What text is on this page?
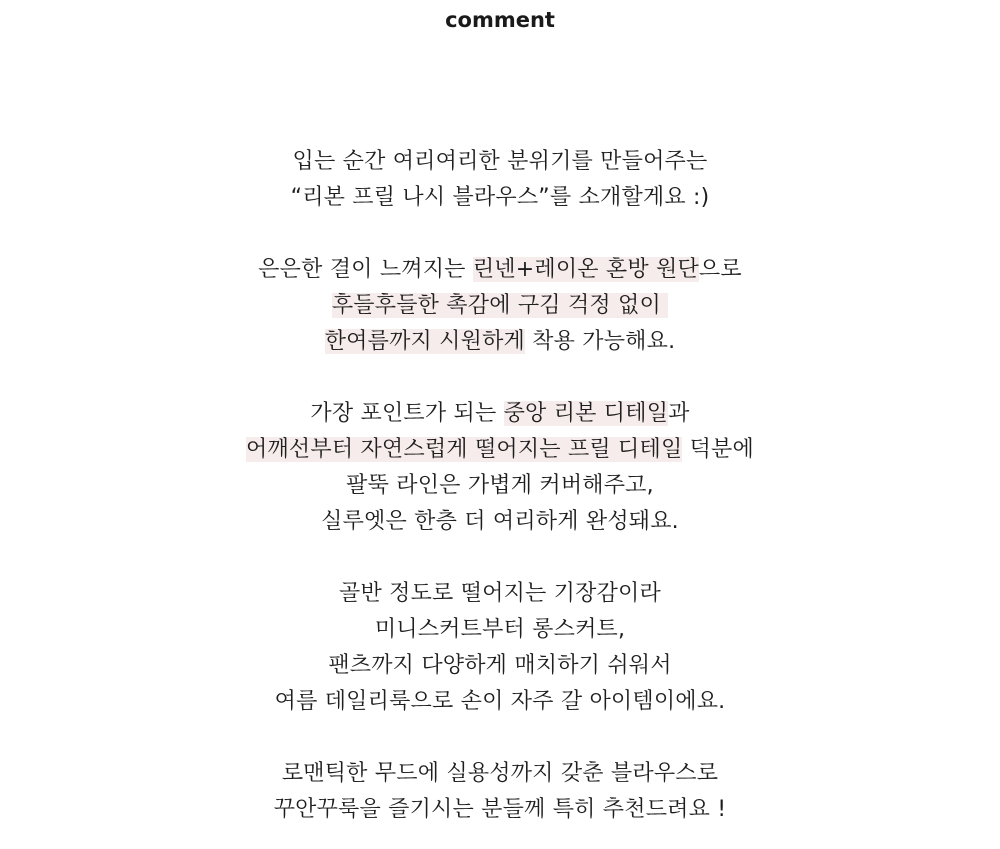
comment
입는 순간 여리여리한 분위기를 만들어주는
“리본 프릴 나시 블라우스”를 소개할게요 :)
은은한 결이 느껴지는 린넨+레이온 혼방 원단으로
후들후들한 촉감에 구김 걱정 없이
한여름까지 시원하게 착용 가능해요.
가장 포인트가 되는 중앙 리본 디테일과
어깨선부터 자연스럽게 떨어지는 프릴 디테일 덕분에
팔뚝 라인은 가볍게 커버해주고,
실루엣은 한층 더 여리하게 완성돼요.
골반 정도로 떨어지는 기장감이라
미니스커트부터 롱스커트,
팬츠까지 다양하게 매치하기 쉬워서
여름 데일리룩으로 손이 자주 갈 아이템이에요.
로맨틱한 무드에 실용성까지 갖춘 블라우스로
꾸안꾸룩을 즐기시는 분들께 특히 추천드려요 !
